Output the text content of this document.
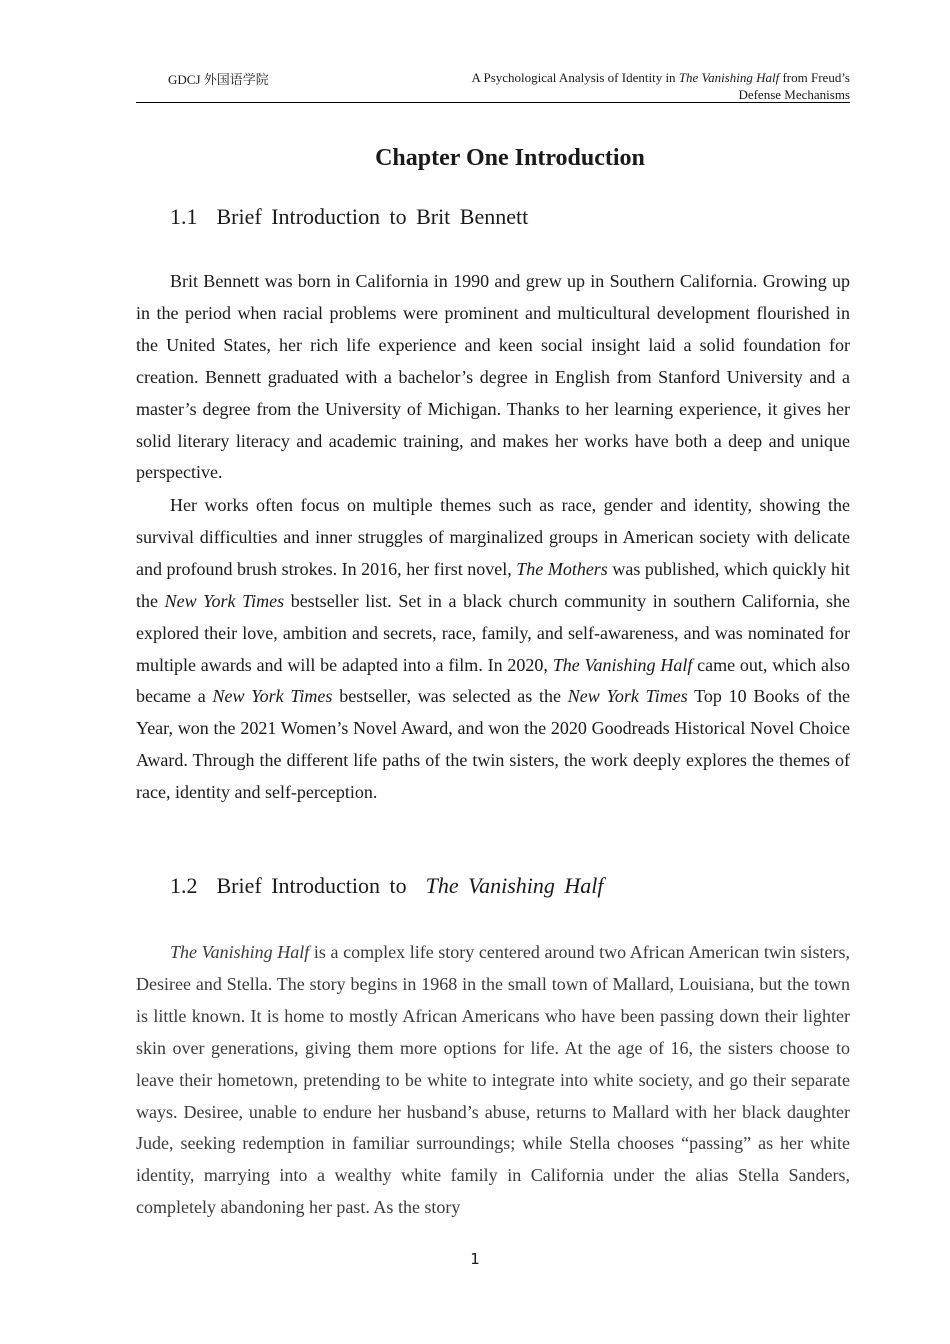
GDCJ 外国语学院	A Psychological Analysis of Identity in The Vanishing Half from Freud’s
Defense Mechanisms
Chapter One Introduction
1.1 Brief Introduction to Brit Bennett

Brit Bennett was born in California in 1990 and grew up in Southern California. Growing up in the period when racial problems were prominent and multicultural development flourished in the United States, her rich life experience and keen social insight laid a solid foundation for creation. Bennett graduated with a bachelor’s degree in English from Stanford University and a master’s degree from the University of Michigan. Thanks to her learning experience, it gives her solid literary literacy and academic training, and makes her works have both a deep and unique perspective.

Her works often focus on multiple themes such as race, gender and identity, showing the survival difficulties and inner struggles of marginalized groups in American society with delicate and profound brush strokes. In 2016, her first novel, The Mothers was published, which quickly hit the New York Times bestseller list. Set in a black church community in southern California, she explored their love, ambition and secrets, race, family, and self-awareness, and was nominated for multiple awards and will be adapted into a film. In 2020, The Vanishing Half came out, which also became a New York Times bestseller, was selected as the New York Times Top 10 Books of the Year, won the 2021 Women’s Novel Award, and won the 2020 Goodreads Historical Novel Choice Award. Through the different life paths of the twin sisters, the work deeply explores the themes of race, identity and self-perception.

1.2 Brief Introduction to  The Vanishing Half

The Vanishing Half is a complex life story centered around two African American twin sisters, Desiree and Stella. The story begins in 1968 in the small town of Mallard, Louisiana, but the town is little known. It is home to mostly African Americans who have been passing down their lighter skin over generations, giving them more options for life. At the age of 16, the sisters choose to leave their hometown, pretending to be white to integrate into white society, and go their separate ways. Desiree, unable to endure her husband’s abuse, returns to Mallard with her black daughter Jude, seeking redemption in familiar surroundings; while Stella chooses “passing” as her white identity, marrying into a wealthy white family in California under the alias Stella Sanders, completely abandoning her past. As the story

1
